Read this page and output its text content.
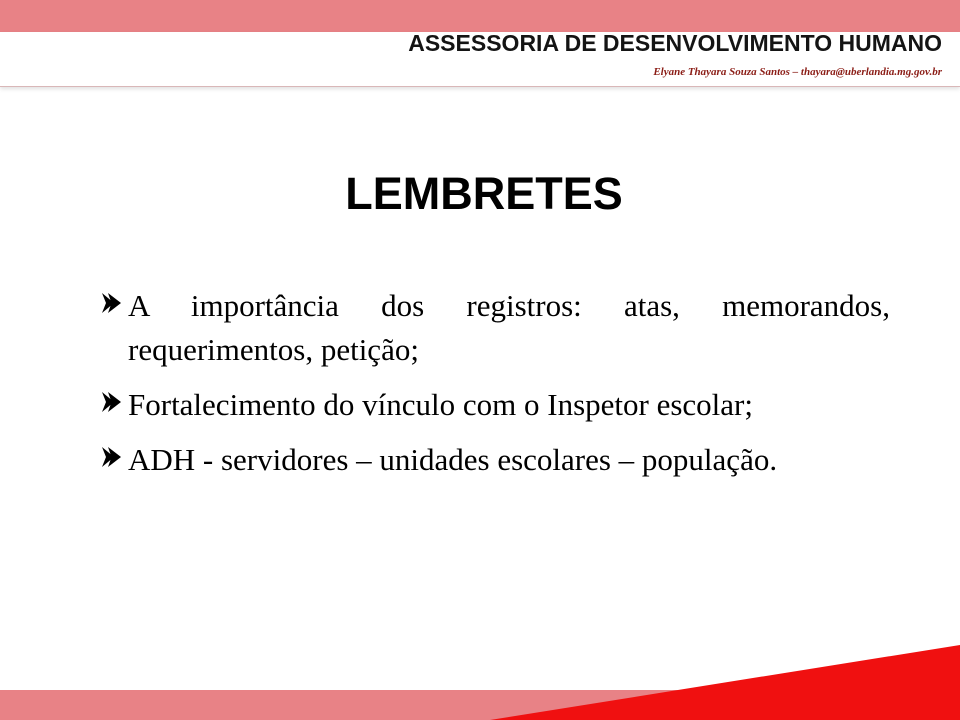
ASSESSORIA DE DESENVOLVIMENTO HUMANO
Elyane Thayara Souza Santos – thayara@uberlandia.mg.gov.br
LEMBRETES
A importância dos registros: atas, memorandos, requerimentos, petição;
Fortalecimento do vínculo com o Inspetor escolar;
ADH - servidores – unidades escolares – população.
